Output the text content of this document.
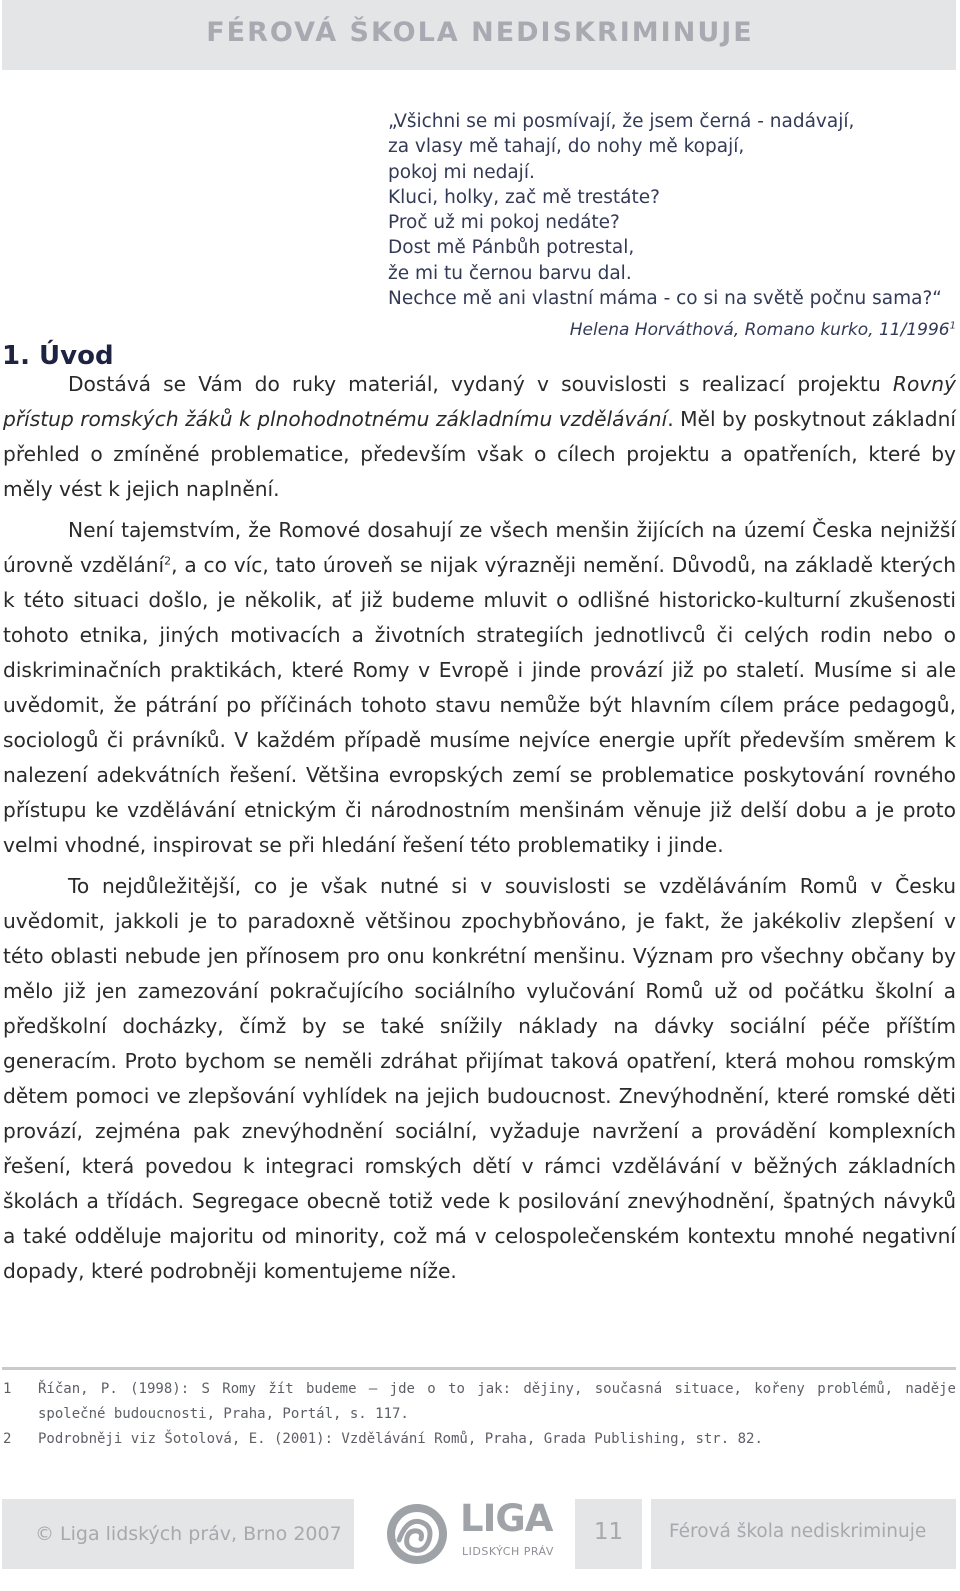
FÉROVÁ ŠKOLA NEDISKRIMINUJE
„Všichni se mi posmívají, že jsem černá - nadávají,
za vlasy mě tahají, do nohy mě kopají,
pokoj mi nedají.
Kluci, holky, zač mě trestáte?
Proč už mi pokoj nedáte?
Dost mě Pánbůh potrestal,
že mi tu černou barvu dal.
Nechce mě ani vlastní máma - co si na světě počnu sama?“
Helena Horváthová, Romano kurko, 11/1996$^1$
1. Úvod

Dostává se Vám do ruky materiál, vydaný v souvislosti s realizací projektu Rovný přístup romských žáků k plnohodnotnému základnímu vzdělávání. Měl by poskytnout základní přehled o zmíněné problematice, především však o cílech projektu a opatřeních, které by měly vést k jejich naplnění.

Není tajemstvím, že Romové dosahují ze všech menšin žijících na území Česka nejnižší úrovně vzdělání$^2$, a co víc, tato úroveň se nijak výrazněji nemění. Důvodů, na základě kterých k této situaci došlo, je několik, ať již budeme mluvit o odlišné historicko-kulturní zkušenosti tohoto etnika, jiných motivacích a životních strategiích jednotlivců či celých rodin nebo o diskriminačních praktikách, které Romy v Evropě i jinde provází již po staletí. Musíme si ale uvědomit, že pátrání po příčinách tohoto stavu nemůže být hlavním cílem práce pedagogů, sociologů či právníků. V každém případě musíme nejvíce energie upřít především směrem k nalezení adekvátních řešení. Většina evropských zemí se problematice poskytování rovného přístupu ke vzdělávání etnickým či národnostním menšinám věnuje již delší dobu a je proto velmi vhodné, inspirovat se při hledání řešení této problematiky i jinde.

To nejdůležitější, co je však nutné si v souvislosti se vzděláváním Romů v Česku uvědomit, jakkoli je to paradoxně většinou zpochybňováno, je fakt, že jakékoliv zlepšení v této oblasti nebude jen přínosem pro onu konkrétní menšinu. Význam pro všechny občany by mělo již jen zamezování pokračujícího sociálního vylučování Romů už od počátku školní a předškolní docházky, čímž by se také snížily náklady na dávky sociální péče příštím generacím. Proto bychom se neměli zdráhat přijímat taková opatření, která mohou romským dětem pomoci ve zlepšování vyhlídek na jejich budoucnost. Znevýhodnění, které romské děti provází, zejména pak znevýhodnění sociální, vyžaduje navržení a provádění komplexních řešení, která povedou k integraci romských dětí v rámci vzdělávání v běžných základních školách a třídách. Segregace obecně totiž vede k posilování znevýhodnění, špatných návyků a také odděluje majoritu od minority, což má v celospolečenském kontextu mnohé negativní dopady, které podrobněji komentujeme níže.

1	Říčan, P. (1998): S Romy žít budeme – jde o to jak: dějiny, současná situace, kořeny problémů, naděje společné budoucnosti, Praha, Portál, s. 117.
2	Podrobněji viz Šotolová, E. (2001): Vzdělávání Romů, Praha, Grada Publishing, str. 82.
© Liga lidských práv, Brno 2007	LIGA
LIDSKÝCH PRÁV
11	Férová škola nediskriminuje
